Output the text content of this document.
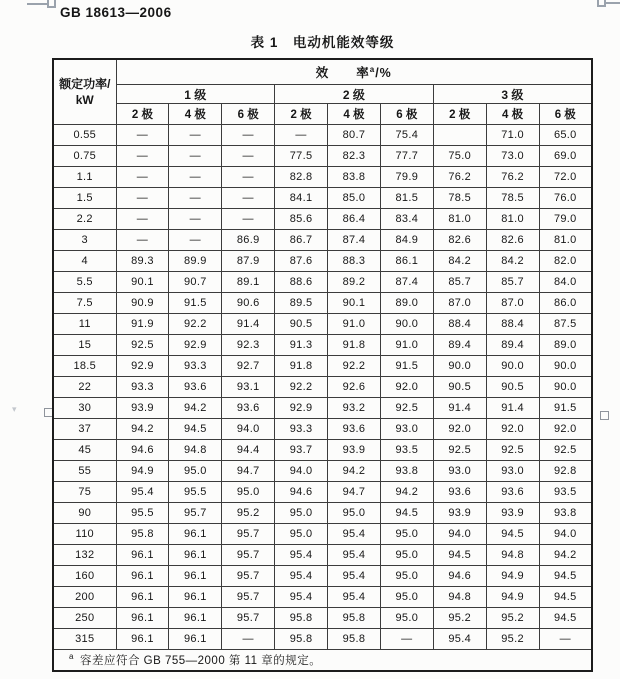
▾
GB 18613—2006
表 1　电动机能效等级
额定功率/
kW	效　　率$^a$/%								
	1 级			2 级			3 级		
	2 极	4 极	6 极	2 极	4 极	6 极	2 极	4 极	6 极
0.55	—	—	—	—	80.7	75.4		71.0	65.0
0.75	—	—	—	77.5	82.3	77.7	75.0	73.0	69.0
1.1	—	—	—	82.8	83.8	79.9	76.2	76.2	72.0
1.5	—	—	—	84.1	85.0	81.5	78.5	78.5	76.0
2.2	—	—	—	85.6	86.4	83.4	81.0	81.0	79.0
3	—	—	86.9	86.7	87.4	84.9	82.6	82.6	81.0
4	89.3	89.9	87.9	87.6	88.3	86.1	84.2	84.2	82.0
5.5	90.1	90.7	89.1	88.6	89.2	87.4	85.7	85.7	84.0
7.5	90.9	91.5	90.6	89.5	90.1	89.0	87.0	87.0	86.0
11	91.9	92.2	91.4	90.5	91.0	90.0	88.4	88.4	87.5
15	92.5	92.9	92.3	91.3	91.8	91.0	89.4	89.4	89.0
18.5	92.9	93.3	92.7	91.8	92.2	91.5	90.0	90.0	90.0
22	93.3	93.6	93.1	92.2	92.6	92.0	90.5	90.5	90.0
30	93.9	94.2	93.6	92.9	93.2	92.5	91.4	91.4	91.5
37	94.2	94.5	94.0	93.3	93.6	93.0	92.0	92.0	92.0
45	94.6	94.8	94.4	93.7	93.9	93.5	92.5	92.5	92.5
55	94.9	95.0	94.7	94.0	94.2	93.8	93.0	93.0	92.8
75	95.4	95.5	95.0	94.6	94.7	94.2	93.6	93.6	93.5
90	95.5	95.7	95.2	95.0	95.0	94.5	93.9	93.9	93.8
110	95.8	96.1	95.7	95.0	95.4	95.0	94.0	94.5	94.0
132	96.1	96.1	95.7	95.4	95.4	95.0	94.5	94.8	94.2
160	96.1	96.1	95.7	95.4	95.4	95.0	94.6	94.9	94.5
200	96.1	96.1	95.7	95.4	95.4	95.0	94.8	94.9	94.5
250	96.1	96.1	95.7	95.8	95.8	95.0	95.2	95.2	94.5
315	96.1	96.1	—	95.8	95.8	—	95.4	95.2	—
$^a$ 容差应符合 GB 755—2000 第 11 章的规定。									
